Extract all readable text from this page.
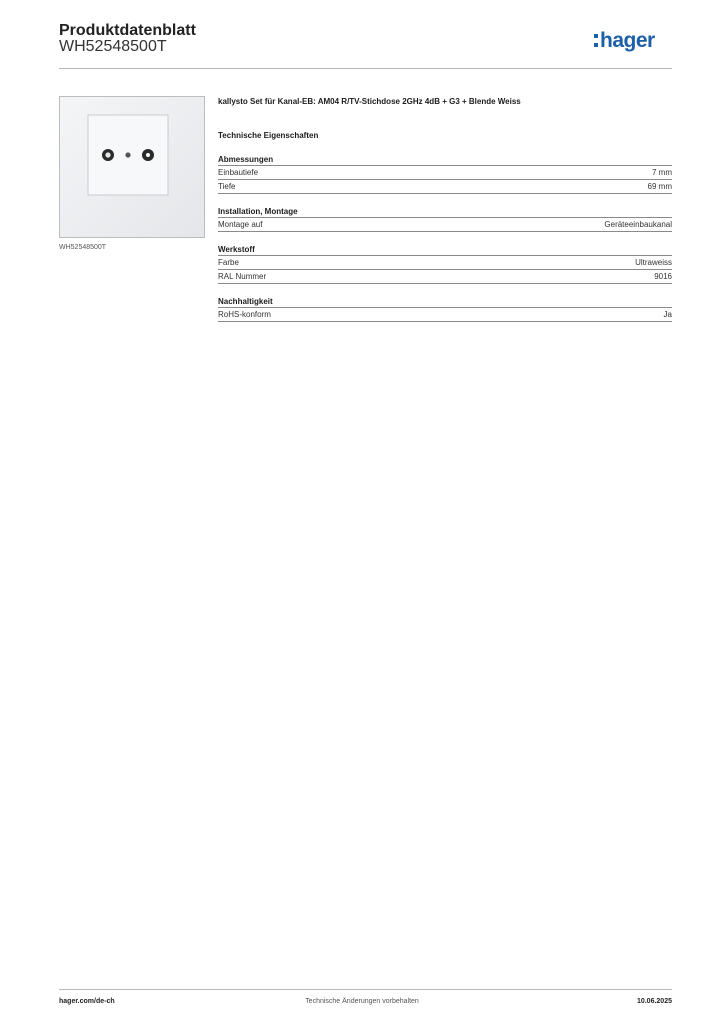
Produktdatenblatt
WH52548500T	hager
WH52548500T
kallysto Set für Kanal-EB: AM04 R/TV-Stichdose 2GHz 4dB + G3 + Blende Weiss
Technische Eigenschaften
Abmessungen
Einbautiefe	7 mm
Tiefe	69 mm
Installation, Montage
Montage auf	Geräteeinbaukanal
Werkstoff
Farbe	Ultraweiss
RAL Nummer	9016
Nachhaltigkeit
RoHS-konform	Ja
hager.com/de-ch	Technische Änderungen vorbehalten	10.06.2025
